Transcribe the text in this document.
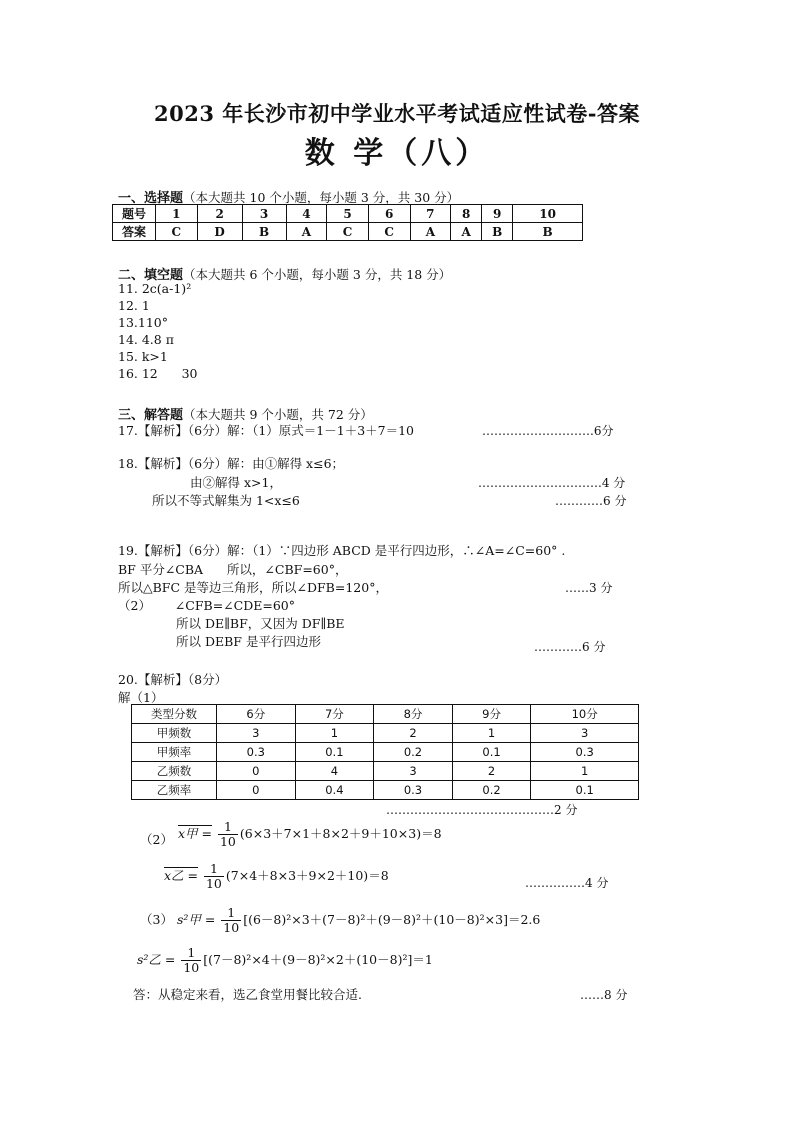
2023 年长沙市初中学业水平考试适应性试卷-答案
数 学（八）
一、选择题（本大题共 10 个小题，每小题 3 分，共 30 分）
题号	1	2	3	4	5	6	7	8	9	10
答案	C	D	B	A	C	C	A	A	B	B
二、填空题（本大题共 6 个小题，每小题 3 分，共 18 分）
11. 2c(a-1)²
12. 1
13.110°
14. 4.8 π
15. k>1
16. 12      30
三、解答题（本大题共 9 个小题，共 72 分）
17.【解析】（6分）解：（1）原式＝1－1＋3＋7＝10	……………………….6分
18.【解析】（6分）解：由①解得 x≤6；
由②解得 x>1，	………………………….4 分
所以不等式解集为 1<x≤6	…………6 分
19.【解析】（6分）解：（1）∵四边形 ABCD 是平行四边形，∴∠A=∠C=60° .
BF 平分∠CBA      所以，∠CBF=60°，
所以△BFC 是等边三角形，所以∠DFB=120°，	……3 分
（2）      ∠CFB=∠CDE=60°
所以 DE∥BF，又因为 DF∥BE
所以 DEBF 是平行四边形	…………6 分
20.【解析】（8分）
解（1）
类型分数	6分	7分	8分	9分	10分
甲频数	3	1	2	1	3
甲频率	0.3	0.1	0.2	0.1	0.3
乙频数	0	4	3	2	1
乙频率	0	0.4	0.3	0.2	0.1
……………………………………2 分
（2） x甲 = $\frac{1}{10} (6\times 3+7\times 1+8\times 2+9+10\times 3)=8$
x乙 = $\frac{1}{10} (7\times 4+8\times 3+9\times 2+10)=8$	……………4 分
（3） s²甲 = $\frac{1}{10} [(6-8)^2\times 3+(7-8)^2+(9-8)^2+(10-8)^2\times 3]=2.6$
s²乙 = $\frac{1}{10} [(7-8)^2\times 4+(9-8)^2\times 2+(10-8)^2]=1$
答：从稳定来看，选乙食堂用餐比较合适.	……8 分
